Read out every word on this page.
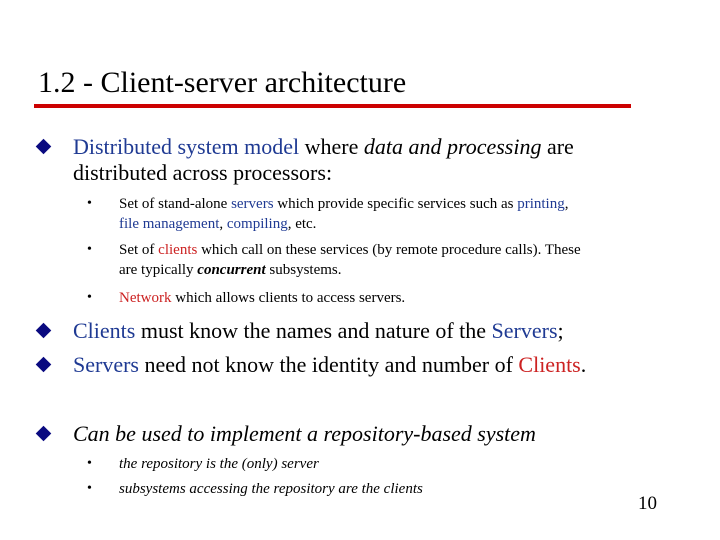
1.2 - Client-server architecture
Distributed system model where data and processing are
distributed across processors:
• Set of stand-alone servers which provide specific services such as printing,
file management, compiling, etc.
• Set of clients which call on these services (by remote procedure calls). These
are typically concurrent subsystems.
• Network which allows clients to access servers.
Clients must know the names and nature of the Servers;
Servers need not know the identity and number of Clients.
Can be used to implement a repository-based system
• the repository is the (only) server
• subsystems accessing the repository are the clients
10
